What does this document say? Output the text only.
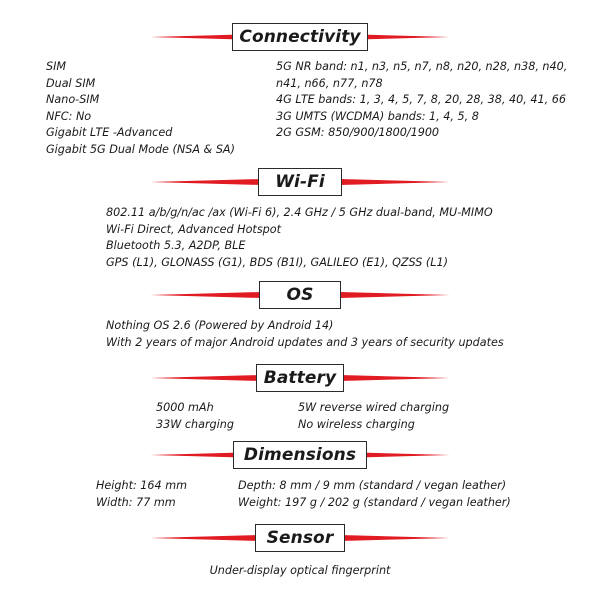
Connectivity
SIM
Dual SIM
Nano-SIM
NFC: No
Gigabit LTE -Advanced
Gigabit 5G Dual Mode (NSA & SA)
5G NR band: n1, n3, n5, n7, n8, n20, n28, n38, n40,
n41, n66, n77, n78
4G LTE bands: 1, 3, 4, 5, 7, 8, 20, 28, 38, 40, 41, 66
3G UMTS (WCDMA) bands: 1, 4, 5, 8
2G GSM: 850/900/1800/1900
Wi-Fi
802.11 a/b/g/n/ac /ax (Wi-Fi 6), 2.4 GHz / 5 GHz dual-band, MU-MIMO
Wi-Fi Direct, Advanced Hotspot
Bluetooth 5.3, A2DP, BLE
GPS (L1), GLONASS (G1), BDS (B1I), GALILEO (E1), QZSS (L1)
OS
Nothing OS 2.6 (Powered by Android 14)
With 2 years of major Android updates and 3 years of security updates
Battery
5000 mAh
33W charging
5W reverse wired charging
No wireless charging
Dimensions
Height: 164 mm
Width: 77 mm
Depth: 8 mm / 9 mm (standard / vegan leather)
Weight: 197 g / 202 g (standard / vegan leather)
Sensor
Under-display optical fingerprint
